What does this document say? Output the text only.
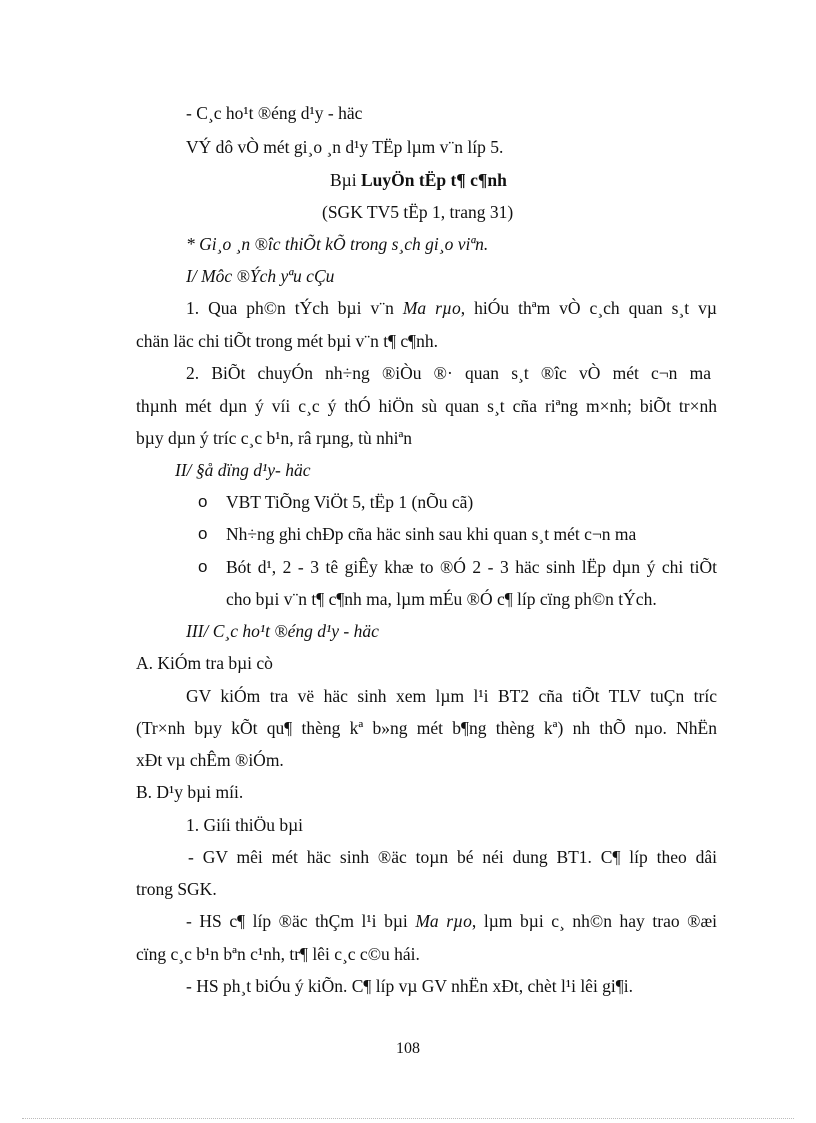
- C¸c ho¹t ®éng d¹y - häc
VÝ dô vÒ mét gi¸o ¸n d¹y TËp lµm v¨n líp 5.
Bµi LuyÖn tËp t¶ c¶nh
(SGK TV5 tËp 1, trang 31)
* Gi¸o ¸n ®îc thiÕt kÕ trong s¸ch gi¸o viªn.
I/ Môc ®Ých yªu cÇu
1. Qua ph©n tÝch bµi v¨n Ma rµo, hiÓu thªm vÒ c¸ch quan s¸t vµ
chän läc chi tiÕt trong mét bµi v¨n t¶ c¶nh.
2. BiÕt chuyÓn nh÷ng ®iÒu ®· quan s¸t ®îc vÒ mét c¬n ma
thµnh mét dµn ý víi c¸c ý thÓ hiÖn sù quan s¸t cña riªng m×nh; biÕt tr×nh
bµy dµn ý tríc c¸c b¹n, râ rµng, tù nhiªn
II/ §å dïng d¹y- häc
o VBT TiÕng ViÖt 5, tËp 1 (nÕu cã)
o Nh÷ng ghi chÐp cña häc sinh sau khi quan s¸t mét c¬n ma
o Bót d¹, 2 - 3 tê giÊy khæ to ®Ó 2 - 3 häc sinh lËp dµn ý chi tiÕt
cho bµi v¨n t¶ c¶nh ma, lµm mÉu ®Ó c¶ líp cïng ph©n tÝch.
III/ C¸c ho¹t ®éng d¹y - häc
A. KiÓm tra bµi cò
GV kiÓm tra vë häc sinh xem lµm l¹i BT2 cña tiÕt TLV tuÇn tríc
(Tr×nh bµy kÕt qu¶ thèng kª b»ng mét b¶ng thèng kª) nh thÕ nµo. NhËn
xÐt vµ chÊm ®iÓm.
B. D¹y bµi míi.
1. Giíi thiÖu bµi
- GV mêi mét häc sinh ®äc toµn bé néi dung BT1. C¶ líp theo dâi
trong SGK.
- HS c¶ líp ®äc thÇm l¹i bµi Ma rµo, lµm bµi c¸ nh©n hay trao ®æi
cïng c¸c b¹n bªn c¹nh, tr¶ lêi c¸c c©u hái.
- HS ph¸t biÓu ý kiÕn. C¶ líp vµ GV nhËn xÐt, chèt l¹i lêi gi¶i.
108
